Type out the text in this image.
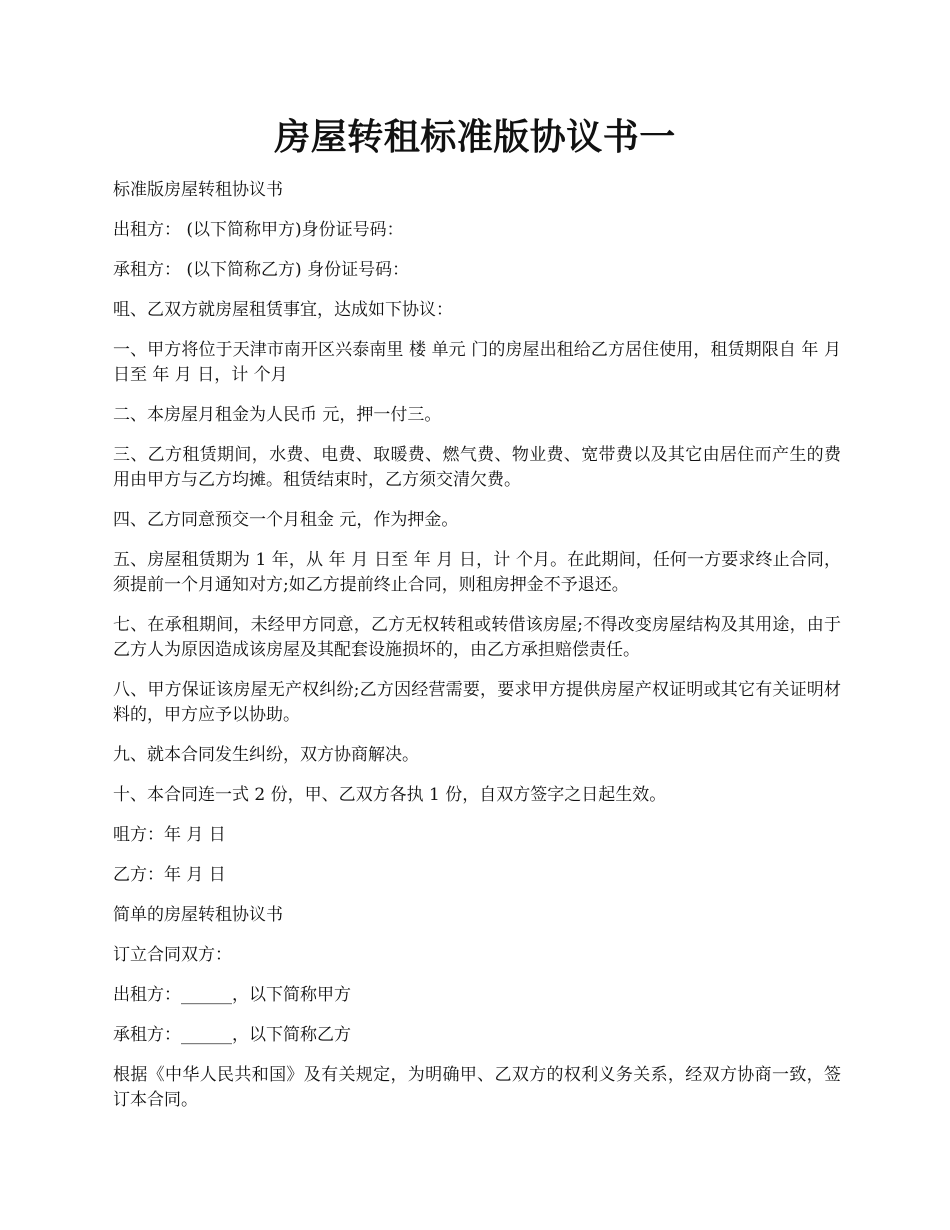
房屋转租标准版协议书一

标准版房屋转租协议书

出租方： (以下简称甲方)身份证号码：

承租方： (以下简称乙方) 身份证号码：

咀、乙双方就房屋租赁事宜，达成如下协议：

一、甲方将位于天津市南开区兴泰南里 楼 单元 门的房屋出租给乙方居住使用，租赁期限自 年 月 日至 年 月 日，计 个月

二、本房屋月租金为人民币 元，押一付三。

三、乙方租赁期间，水费、电费、取暖费、燃气费、物业费、宽带费以及其它由居住而产生的费用由甲方与乙方均摊。租赁结束时，乙方须交清欠费。

四、乙方同意预交一个月租金 元，作为押金。

五、房屋租赁期为 1 年，从 年 月 日至 年 月 日，计 个月。在此期间，任何一方要求终止合同，须提前一个月通知对方;如乙方提前终止合同，则租房押金不予退还。

七、在承租期间，未经甲方同意，乙方无权转租或转借该房屋;不得改变房屋结构及其用途，由于乙方人为原因造成该房屋及其配套设施损坏的，由乙方承担赔偿责任。

八、甲方保证该房屋无产权纠纷;乙方因经营需要，要求甲方提供房屋产权证明或其它有关证明材料的，甲方应予以协助。

九、就本合同发生纠纷，双方协商解决。

十、本合同连一式 2 份，甲、乙双方各执 1 份，自双方签字之日起生效。

咀方：年 月 日

乙方：年 月 日

简单的房屋转租协议书

订立合同双方：

出租方：______，以下简称甲方

承租方：______，以下简称乙方

根据《中华人民共和国》及有关规定，为明确甲、乙双方的权利义务关系，经双方协商一致，签订本合同。
